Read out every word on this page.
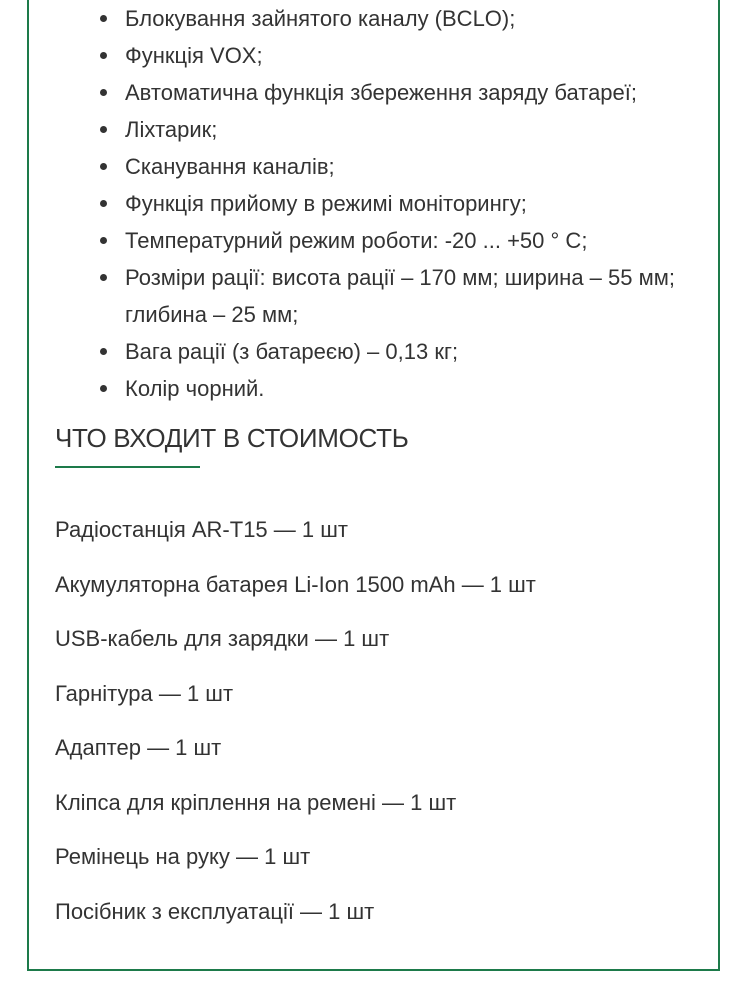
Блокування зайнятого каналу (BCLO);
Функція VOX;
Автоматична функція збереження заряду батареї;
Ліхтарик;
Сканування каналів;
Функція прийому в режимі моніторингу;
Температурний режим роботи: -20 ... +50 ° С;
Розміри рації: висота рації – 170 мм; ширина – 55 мм; глибина – 25 мм;
Вага рації (з батареєю) – 0,13 кг;
Колір чорний.
ЧТО ВХОДИТ В СТОИМОСТЬ
Радіостанція AR-T15 — 1 шт
Акумуляторна батарея Li-Ion 1500 mAh — 1 шт
USB-кабель для зарядки — 1 шт
Гарнітура — 1 шт
Адаптер — 1 шт
Кліпса для кріплення на ремені — 1 шт
Ремінець на руку — 1 шт
Посібник з експлуатації — 1 шт
